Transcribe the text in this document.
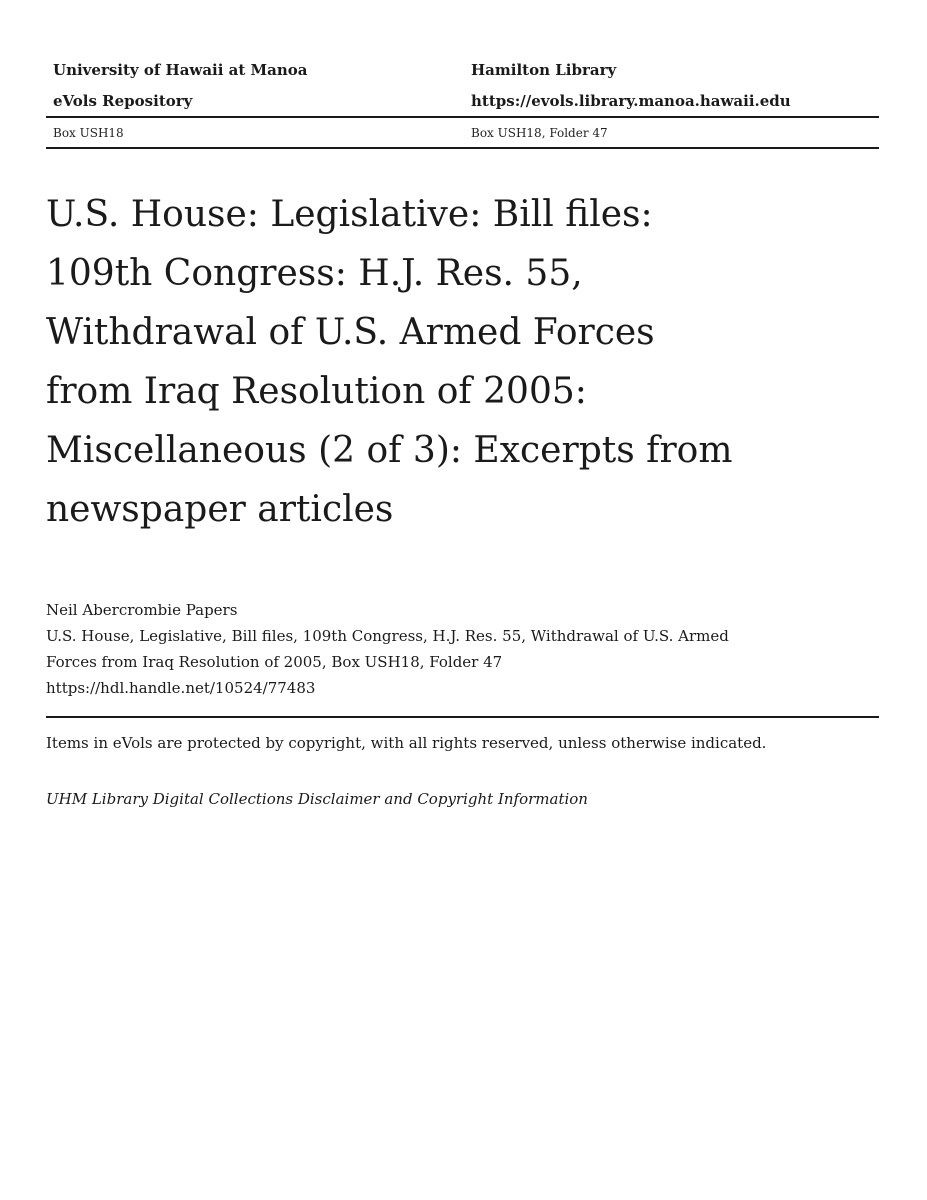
University of Hawaii at Manoa	Hamilton Library
eVols Repository	https://evols.library.manoa.hawaii.edu
Box USH18	Box USH18, Folder 47
U.S. House: Legislative: Bill files:
109th Congress: H.J. Res. 55,
Withdrawal of U.S. Armed Forces
from Iraq Resolution of 2005:
Miscellaneous (2 of 3): Excerpts from
newspaper articles
Neil Abercrombie Papers
U.S. House, Legislative, Bill files, 109th Congress, H.J. Res. 55, Withdrawal of U.S. Armed
Forces from Iraq Resolution of 2005, Box USH18, Folder 47
https://hdl.handle.net/10524/77483
Items in eVols are protected by copyright, with all rights reserved, unless otherwise indicated.
UHM Library Digital Collections Disclaimer and Copyright Information
